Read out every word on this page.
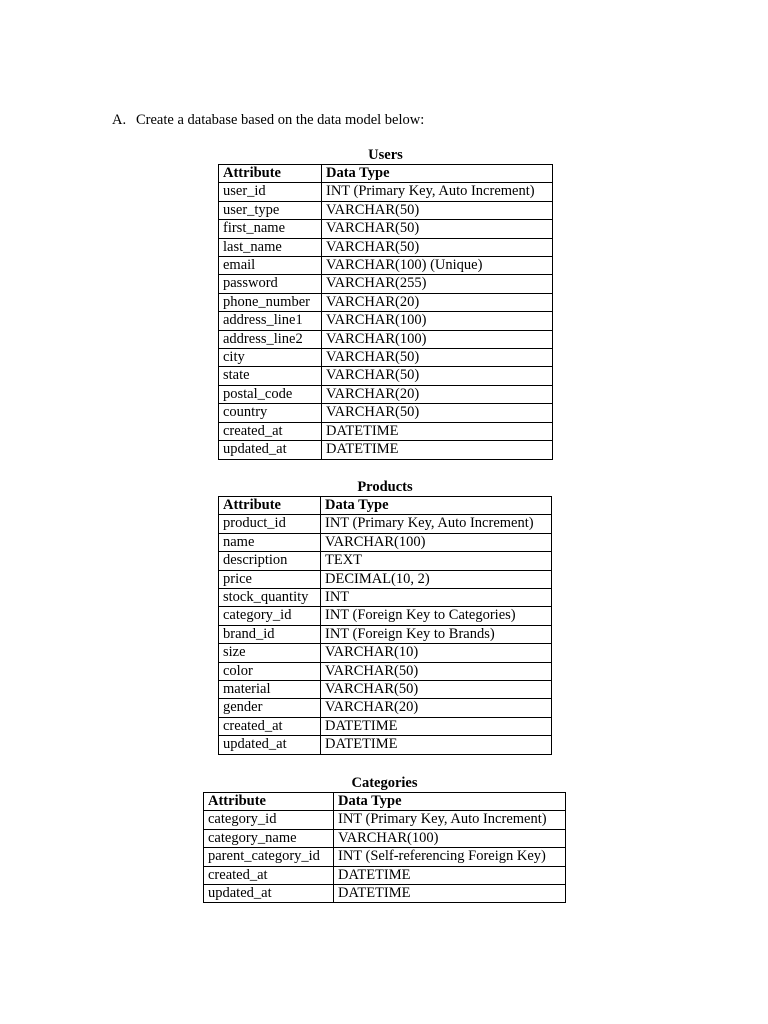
A. Create a database based on the data model below:
Users
Attribute	Data Type
user_id	INT (Primary Key, Auto Increment)
user_type	VARCHAR(50)
first_name	VARCHAR(50)
last_name	VARCHAR(50)
email	VARCHAR(100) (Unique)
password	VARCHAR(255)
phone_number	VARCHAR(20)
address_line1	VARCHAR(100)
address_line2	VARCHAR(100)
city	VARCHAR(50)
state	VARCHAR(50)
postal_code	VARCHAR(20)
country	VARCHAR(50)
created_at	DATETIME
updated_at	DATETIME
Products
Attribute	Data Type
product_id	INT (Primary Key, Auto Increment)
name	VARCHAR(100)
description	TEXT
price	DECIMAL(10, 2)
stock_quantity	INT
category_id	INT (Foreign Key to Categories)
brand_id	INT (Foreign Key to Brands)
size	VARCHAR(10)
color	VARCHAR(50)
material	VARCHAR(50)
gender	VARCHAR(20)
created_at	DATETIME
updated_at	DATETIME
Categories
Attribute	Data Type
category_id	INT (Primary Key, Auto Increment)
category_name	VARCHAR(100)
parent_category_id	INT (Self-referencing Foreign Key)
created_at	DATETIME
updated_at	DATETIME
